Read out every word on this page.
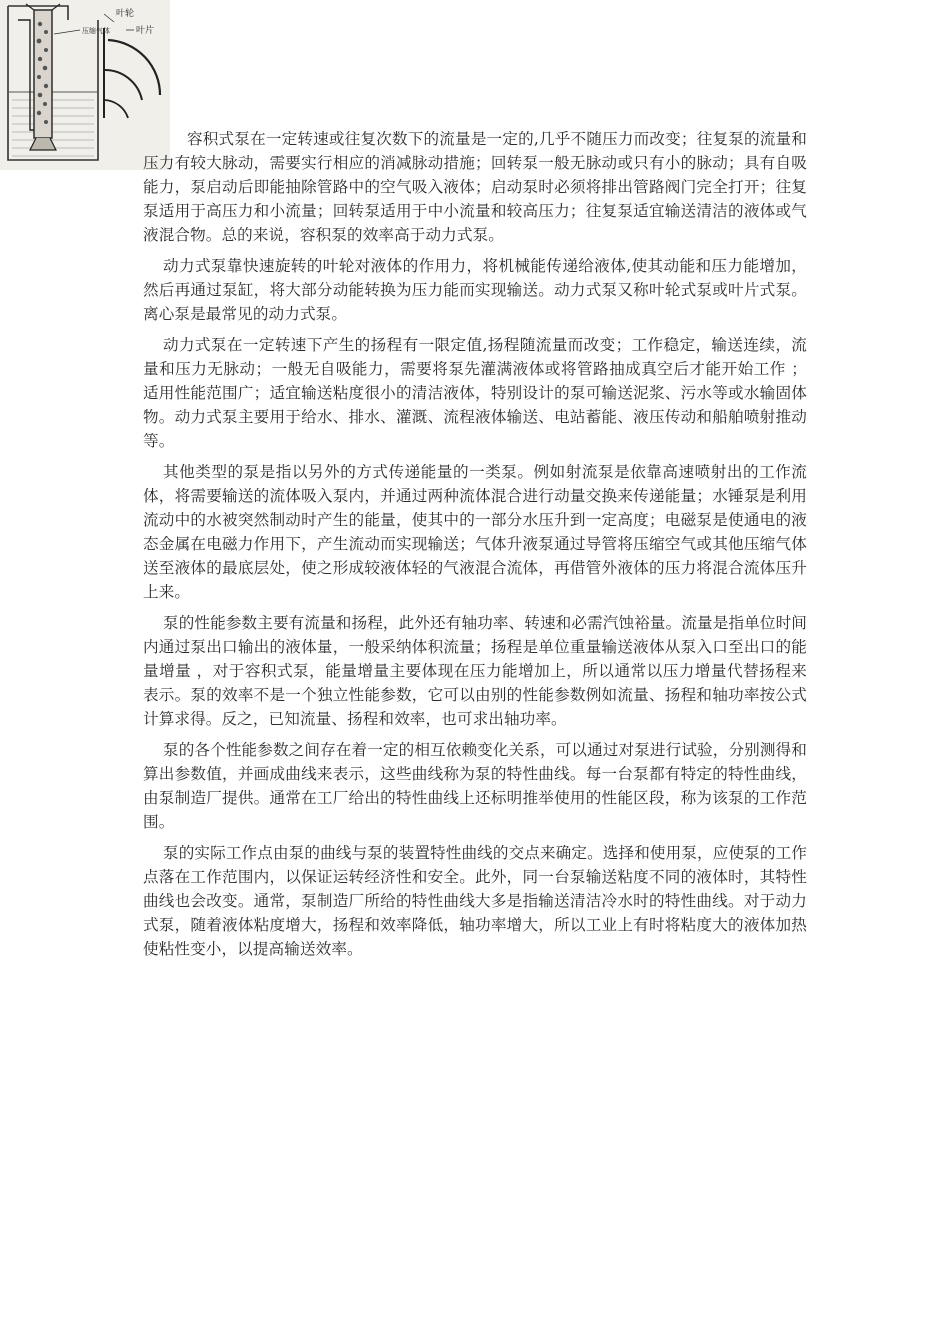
压缩气体
叶轮
叶片

容积式泵在一定转速或往复次数下的流量是一定的,几乎不随压力而改变；往复泵的流量和压力有较大脉动，需要实行相应的消减脉动措施；回转泵一般无脉动或只有小的脉动；具有自吸能力，泵启动后即能抽除管路中的空气吸入液体；启动泵时必须将排出管路阀门完全打开；往复泵适用于高压力和小流量；回转泵适用于中小流量和较高压力；往复泵适宜输送清洁的液体或气液混合物。总的来说，容积泵的效率高于动力式泵。

动力式泵靠快速旋转的叶轮对液体的作用力，将机械能传递给液体,使其动能和压力能增加，然后再通过泵缸，将大部分动能转换为压力能而实现输送。动力式泵又称叶轮式泵或叶片式泵。离心泵是最常见的动力式泵。

动力式泵在一定转速下产生的扬程有一限定值,扬程随流量而改变；工作稳定，输送连续，流量和压力无脉动；一般无自吸能力，需要将泵先灌满液体或将管路抽成真空后才能开始工作 ；适用性能范围广；适宜输送粘度很小的清洁液体，特别设计的泵可输送泥浆、污水等或水输固体物。动力式泵主要用于给水、排水、灌溉、流程液体输送、电站蓄能、液压传动和船舶喷射推动等。

其他类型的泵是指以另外的方式传递能量的一类泵。例如射流泵是依靠高速喷射出的工作流体，将需要输送的流体吸入泵内，并通过两种流体混合进行动量交换来传递能量；水锤泵是利用流动中的水被突然制动时产生的能量，使其中的一部分水压升到一定高度；电磁泵是使通电的液态金属在电磁力作用下，产生流动而实现输送；气体升液泵通过导管将压缩空气或其他压缩气体送至液体的最底层处，使之形成较液体轻的气液混合流体，再借管外液体的压力将混合流体压升上来。

泵的性能参数主要有流量和扬程，此外还有轴功率、转速和必需汽蚀裕量。流量是指单位时间内通过泵出口输出的液体量，一般采纳体积流量；扬程是单位重量输送液体从泵入口至出口的能量增量 ，对于容积式泵，能量增量主要体现在压力能增加上，所以通常以压力增量代替扬程来表示。泵的效率不是一个独立性能参数，它可以由别的性能参数例如流量、扬程和轴功率按公式计算求得。反之，已知流量、扬程和效率，也可求出轴功率。

泵的各个性能参数之间存在着一定的相互依赖变化关系，可以通过对泵进行试验，分别测得和算出参数值，并画成曲线来表示，这些曲线称为泵的特性曲线。每一台泵都有特定的特性曲线，由泵制造厂提供。通常在工厂给出的特性曲线上还标明推举使用的性能区段，称为该泵的工作范围。

泵的实际工作点由泵的曲线与泵的装置特性曲线的交点来确定。选择和使用泵，应使泵的工作点落在工作范围内，以保证运转经济性和安全。此外，同一台泵输送粘度不同的液体时，其特性曲线也会改变。通常，泵制造厂所给的特性曲线大多是指输送清洁冷水时的特性曲线。对于动力式泵，随着液体粘度增大，扬程和效率降低，轴功率增大，所以工业上有时将粘度大的液体加热使粘性变小，以提高输送效率。
